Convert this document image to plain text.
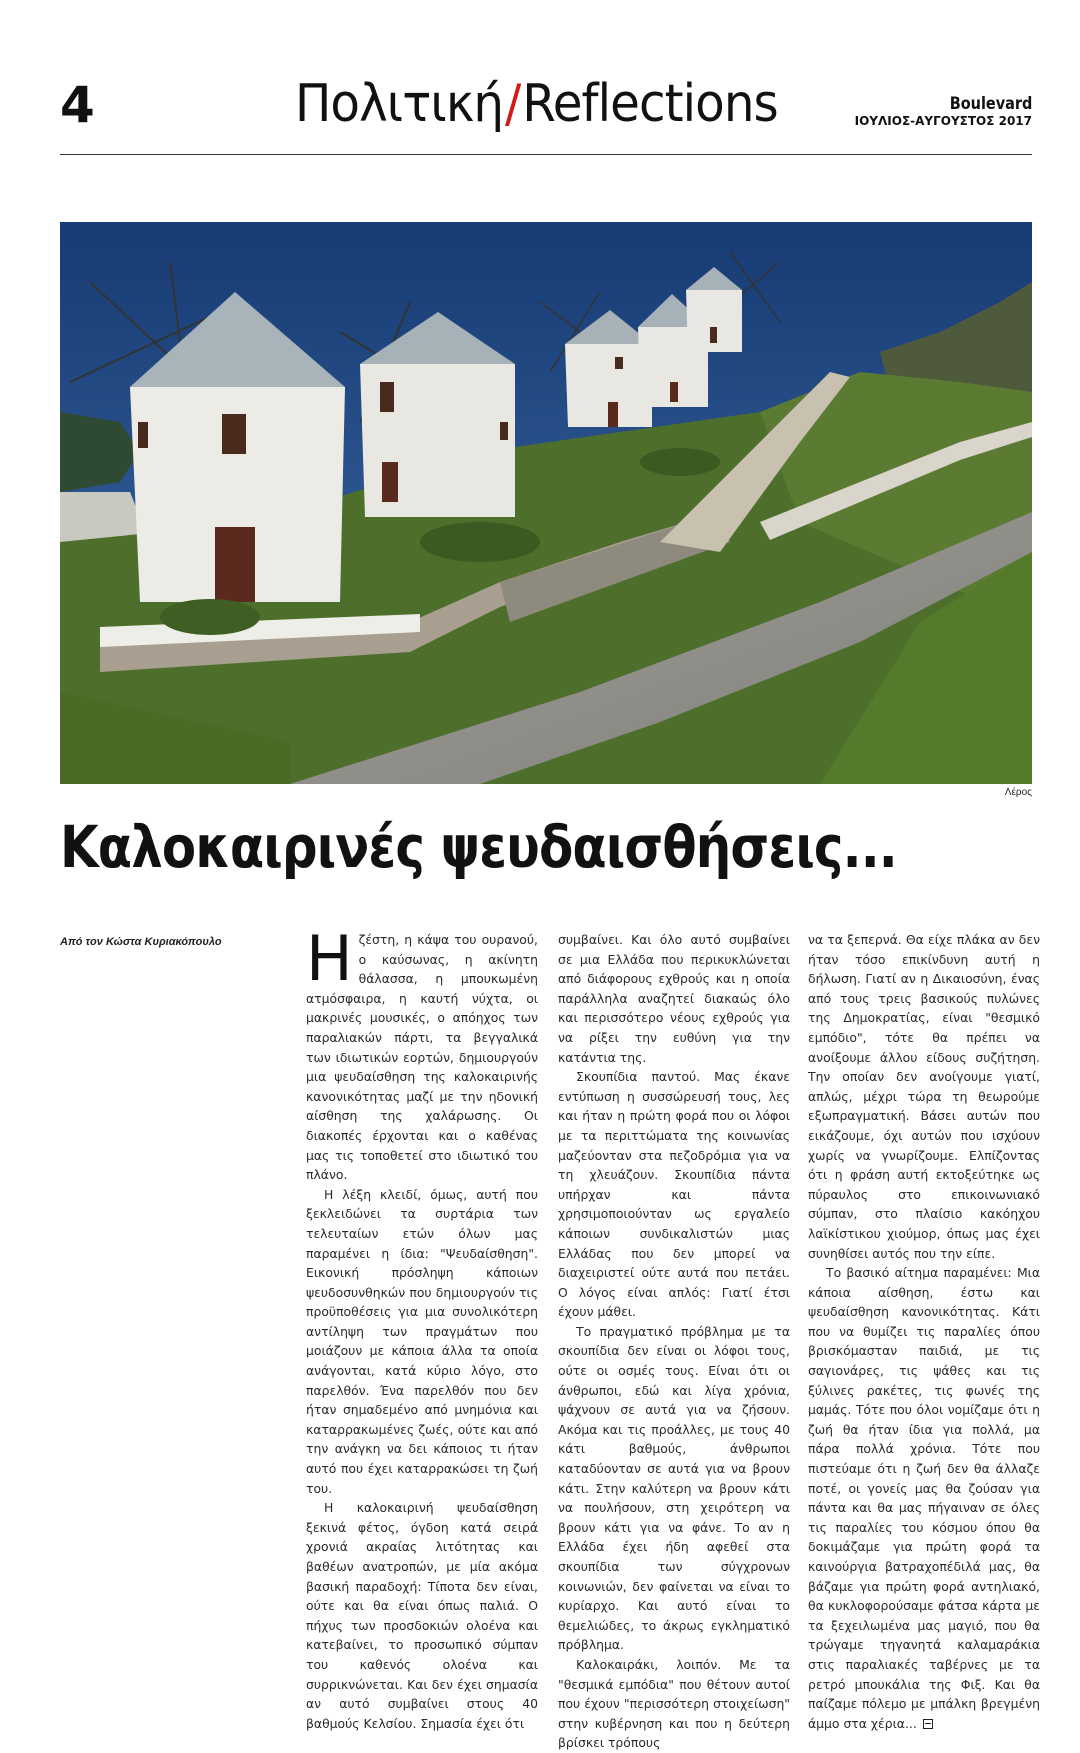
4	Πολιτική/Reflections	Boulevard
ΙΟΥΛΙΟΣ-ΑΥΓΟΥΣΤΟΣ 2017
Λέρος
Καλοκαιρινές ψευδαισθήσεις...
Από τον Κώστα Κυριακόπουλο Ηζέστη, η κάψα του ουρανού, ο καύσωνας, η ακίνητη θάλασσα, η μπουκωμένη ατμόσφαιρα, η καυτή νύχτα, οι μακρινές μουσικές, ο απόηχος των παραλιακών πάρτι, τα βεγγαλικά των ιδιωτικών εορτών, δημιουργούν μια ψευδαίσθηση της καλοκαιρινής κανονικότητας μαζί με την ηδονική αίσθηση της χαλάρωσης. Οι διακοπές έρχονται και ο καθένας μας τις τοποθετεί στο ιδιωτικό του πλάνο.

Η λέξη κλειδί, όμως, αυτή που ξεκλειδώνει τα συρτάρια των τελευταίων ετών όλων μας παραμένει η ίδια: "Ψευδαίσθηση". Εικονική πρόσληψη κάποιων ψευδοσυνθηκών που δημιουργούν τις προϋποθέσεις για μια συνολικότερη αντίληψη των πραγμάτων που μοιάζουν με κάποια άλλα τα οποία ανάγονται, κατά κύριο λόγο, στο παρελθόν. Ένα παρελθόν που δεν ήταν σημαδεμένο από μνημόνια και καταρρακωμένες ζωές, ούτε και από την ανάγκη να δει κάποιος τι ήταν αυτό που έχει καταρρακώσει τη ζωή του.

Η καλοκαιρινή ψευδαίσθηση ξεκινά φέτος, όγδοη κατά σειρά χρονιά ακραίας λιτότητας και βαθέων ανατροπών, με μία ακόμα βασική παραδοχή: Τίποτα δεν είναι, ούτε και θα είναι όπως παλιά. Ο πήχυς των προσδοκιών ολοένα και κατεβαίνει, το προσωπικό σύμπαν του καθενός ολοένα και συρρικνώνεται. Και δεν έχει σημασία αν αυτό συμβαίνει στους 40 βαθμούς Κελσίου. Σημασία έχει ότι

συμβαίνει. Και όλο αυτό συμβαίνει σε μια Ελλάδα που περικυκλώνεται από διάφορους εχθρούς και η οποία παράλληλα αναζητεί διακαώς όλο και περισσότερο νέους εχθρούς για να ρίξει την ευθύνη για την κατάντια της.

Σκουπίδια παντού. Μας έκανε εντύπωση η συσσώρευσή τους, λες και ήταν η πρώτη φορά που οι λόφοι με τα περιττώματα της κοινωνίας μαζεύονταν στα πεζοδρόμια για να τη χλευάζουν. Σκουπίδια πάντα υπήρχαν και πάντα χρησιμοποιούνταν ως εργαλείο κάποιων συνδικαλιστών μιας Ελλάδας που δεν μπορεί να διαχειριστεί ούτε αυτά που πετάει. Ο λόγος είναι απλός: Γιατί έτσι έχουν μάθει.

Το πραγματικό πρόβλημα με τα σκουπίδια δεν είναι οι λόφοι τους, ούτε οι οσμές τους. Είναι ότι οι άνθρωποι, εδώ και λίγα χρόνια, ψάχνουν σε αυτά για να ζήσουν. Ακόμα και τις προάλλες, με τους 40 κάτι βαθμούς, άνθρωποι καταδύονταν σε αυτά για να βρουν κάτι. Στην καλύτερη να βρουν κάτι να πουλήσουν, στη χειρότερη να βρουν κάτι για να φάνε. Το αν η Ελλάδα έχει ήδη αφεθεί στα σκουπίδια των σύγχρονων κοινωνιών, δεν φαίνεται να είναι το κυρίαρχο. Και αυτό είναι το θεμελιώδες, το άκρως εγκληματικό πρόβλημα.

Καλοκαιράκι, λοιπόν. Με τα "θεσμικά εμπόδια" που θέτουν αυτοί που έχουν "περισσότερη στοιχείωση" στην κυβέρνηση και που η δεύτερη βρίσκει τρόπους

να τα ξεπερνά. Θα είχε πλάκα αν δεν ήταν τόσο επικίνδυνη αυτή η δήλωση. Γιατί αν η Δικαιοσύνη, ένας από τους τρεις βασικούς πυλώνες της Δημοκρατίας, είναι "θεσμικό εμπόδιο", τότε θα πρέπει να ανοίξουμε άλλου είδους συζήτηση. Την οποίαν δεν ανοίγουμε γιατί, απλώς, μέχρι τώρα τη θεωρούμε εξωπραγματική. Βάσει αυτών που εικάζουμε, όχι αυτών που ισχύουν χωρίς να γνωρίζουμε. Ελπίζοντας ότι η φράση αυτή εκτοξεύτηκε ως πύραυλος στο επικοινωνιακό σύμπαν, στο πλαίσιο κακόηχου λαϊκίστικου χιούμορ, όπως μας έχει συνηθίσει αυτός που την είπε.

Το βασικό αίτημα παραμένει: Μια κάποια αίσθηση, έστω και ψευδαίσθηση κανονικότητας. Κάτι που να θυμίζει τις παραλίες όπου βρισκόμασταν παιδιά, με τις σαγιονάρες, τις ψάθες και τις ξύλινες ρακέτες, τις φωνές της μαμάς. Τότε που όλοι νομίζαμε ότι η ζωή θα ήταν ίδια για πολλά, μα πάρα πολλά χρόνια. Τότε που πιστεύαμε ότι η ζωή δεν θα άλλαζε ποτέ, οι γονείς μας θα ζούσαν για πάντα και θα μας πήγαιναν σε όλες τις παραλίες του κόσμου όπου θα δοκιμάζαμε για πρώτη φορά τα καινούργια βατραχοπέδιλά μας, θα βάζαμε για πρώτη φορά αντηλιακό, θα κυκλοφορούσαμε φάτσα κάρτα με τα ξεχειλωμένα μας μαγιό, που θα τρώγαμε τηγανητά καλαμαράκια στις παραλιακές ταβέρνες με τα ρετρό μπουκάλια της Φιξ. Και θα παίζαμε πόλεμο με μπάλκη βρεγμένη άμμο στα χέρια...
